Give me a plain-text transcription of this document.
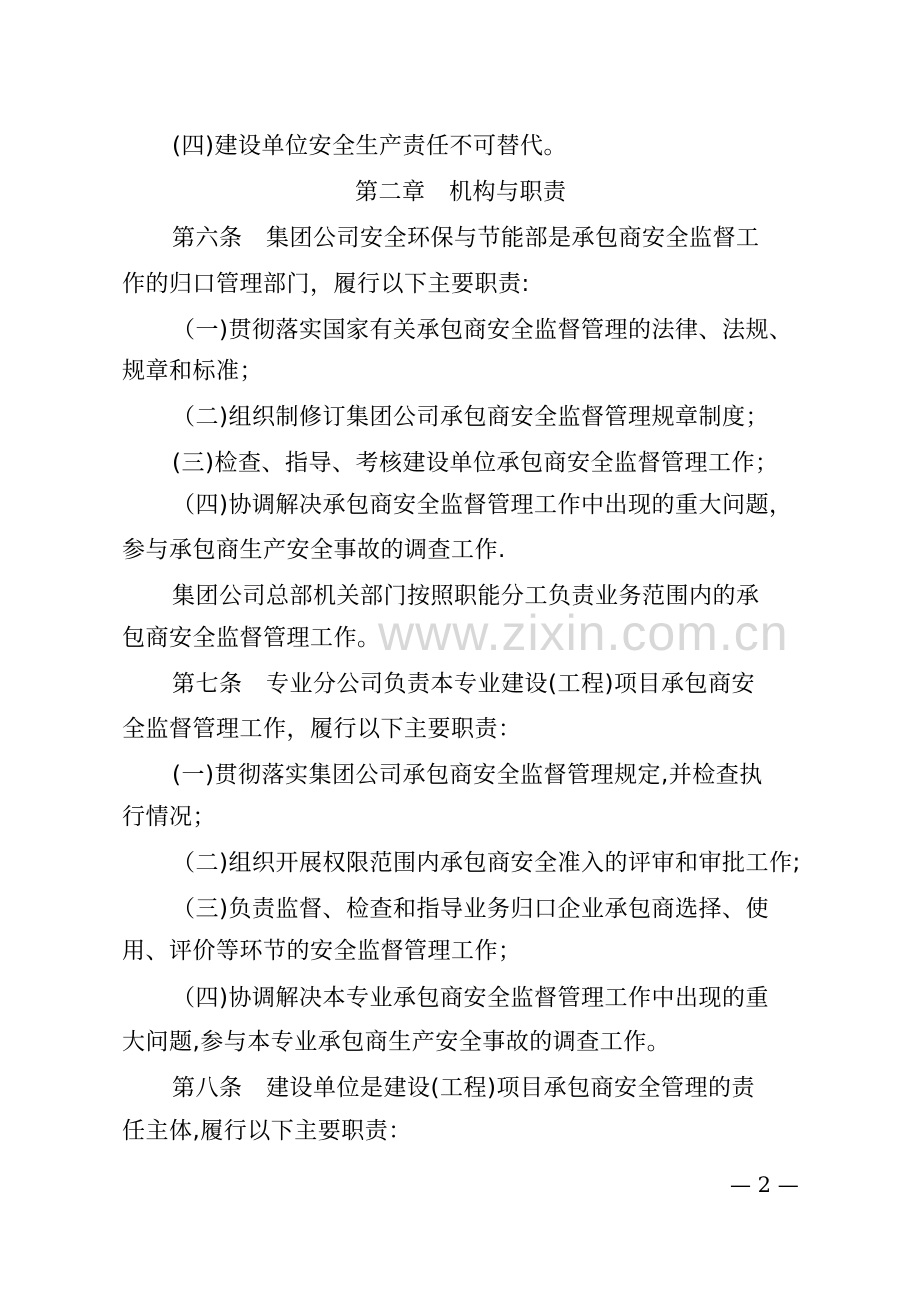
www.zixin.com.cn
(四)建设单位安全生产责任不可替代。
第二章　机构与职责
第六条　集团公司安全环保与节能部是承包商安全监督工
作的归口管理部门，履行以下主要职责:
（一)贯彻落实国家有关承包商安全监督管理的法律、法规、
规章和标准；
（二)组织制修订集团公司承包商安全监督管理规章制度；
(三)检查、指导、考核建设单位承包商安全监督管理工作；
（四)协调解决承包商安全监督管理工作中出现的重大问题，
参与承包商生产安全事故的调查工作.
集团公司总部机关部门按照职能分工负责业务范围内的承
包商安全监督管理工作。
第七条　专业分公司负责本专业建设(工程)项目承包商安
全监督管理工作，履行以下主要职责：
(一)贯彻落实集团公司承包商安全监督管理规定,并检查执
行情况；
（二)组织开展权限范围内承包商安全准入的评审和审批工作;
（三)负责监督、检查和指导业务归口企业承包商选择、使
用、评价等环节的安全监督管理工作；
（四)协调解决本专业承包商安全监督管理工作中出现的重
大问题,参与本专业承包商生产安全事故的调查工作。
第八条　建设单位是建设(工程)项目承包商安全管理的责
任主体,履行以下主要职责：
— 2 —
